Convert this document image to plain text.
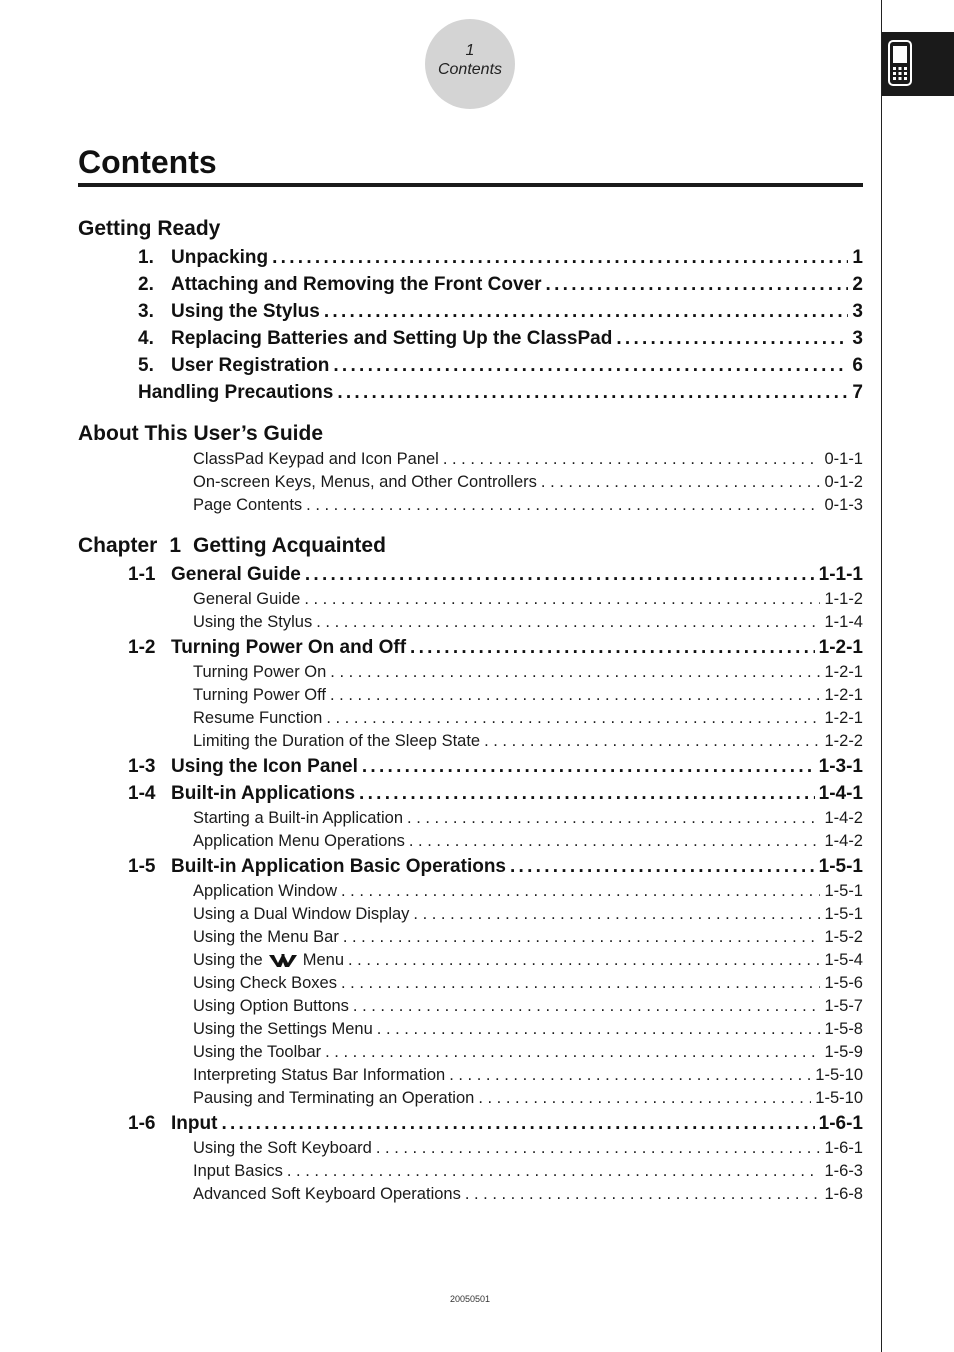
1
Contents
Contents
Getting Ready
1. Unpacking . . .	1
2. Attaching and Removing the Front Cover . . .	2
3. Using the Stylus . . .	3
4. Replacing Batteries and Setting Up the ClassPad . . .	3
5. User Registration . . .	6
Handling Precautions . . .	7
About This User’s Guide
ClassPad Keypad and Icon Panel . . .	0-1-1
On-screen Keys, Menus, and Other Controllers . . .	0-1-2
Page Contents . . .	0-1-3
Chapter 1 Getting Acquainted
1-1 General Guide . . .	1-1-1
General Guide . . .	1-1-2
Using the Stylus . . .	1-1-4
1-2 Turning Power On and Off . . .	1-2-1
Turning Power On . . .	1-2-1
Turning Power Off . . .	1-2-1
Resume Function . . .	1-2-1
Limiting the Duration of the Sleep State . . .	1-2-2
1-3 Using the Icon Panel . . .	1-3-1
1-4 Built-in Applications . . .	1-4-1
Starting a Built-in Application . . .	1-4-2
Application Menu Operations . . .	1-4-2
1-5 Built-in Application Basic Operations . . .	1-5-1
Application Window . . .	1-5-1
Using a Dual Window Display . . .	1-5-1
Using the Menu Bar . . .	1-5-2
Using the Menu . . .	1-5-4
Using Check Boxes . . .	1-5-6
Using Option Buttons . . .	1-5-7
Using the Settings Menu . . .	1-5-8
Using the Toolbar . . .	1-5-9
Interpreting Status Bar Information . . .	1-5-10
Pausing and Terminating an Operation . . .	1-5-10
1-6 Input . . .	1-6-1
Using the Soft Keyboard . . .	1-6-1
Input Basics . . .	1-6-3
Advanced Soft Keyboard Operations . . .	1-6-8
20050501
